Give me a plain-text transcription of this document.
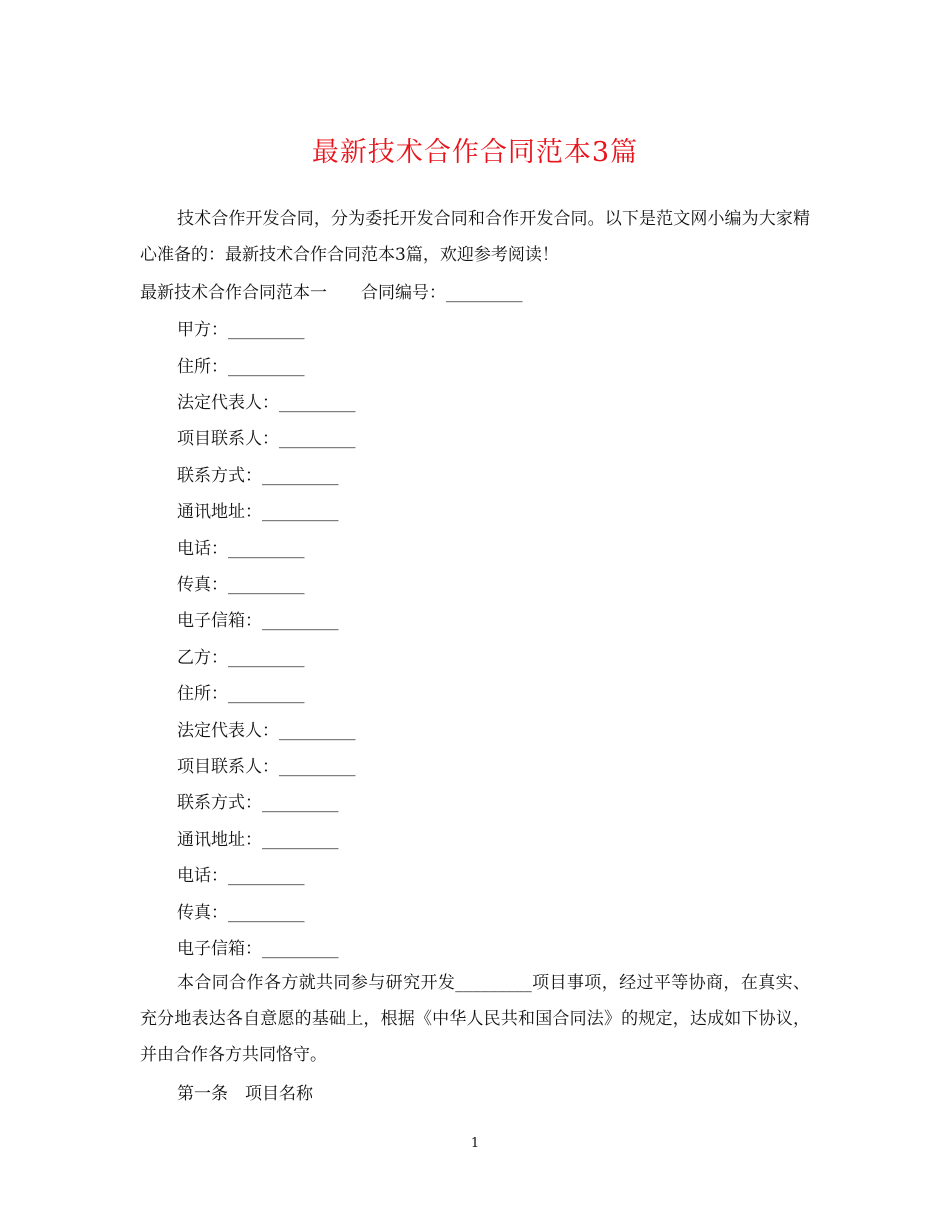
最新技术合作合同范本3篇

技术合作开发合同，分为委托开发合同和合作开发合同。以下是范文网小编为大家精心准备的：最新技术合作合同范本3篇，欢迎参考阅读！

最新技术合作合同范本一　　合同编号：_________
甲方：_________
住所：_________
法定代表人：_________
项目联系人：_________
联系方式：_________
通讯地址：_________
电话：_________
传真：_________
电子信箱：_________
乙方：_________
住所：_________
法定代表人：_________
项目联系人：_________
联系方式：_________
通讯地址：_________
电话：_________
传真：_________
电子信箱：_________

本合同合作各方就共同参与研究开发_________项目事项，经过平等协商，在真实、充分地表达各自意愿的基础上，根据《中华人民共和国合同法》的规定，达成如下协议，并由合作各方共同恪守。

第一条　项目名称
1
